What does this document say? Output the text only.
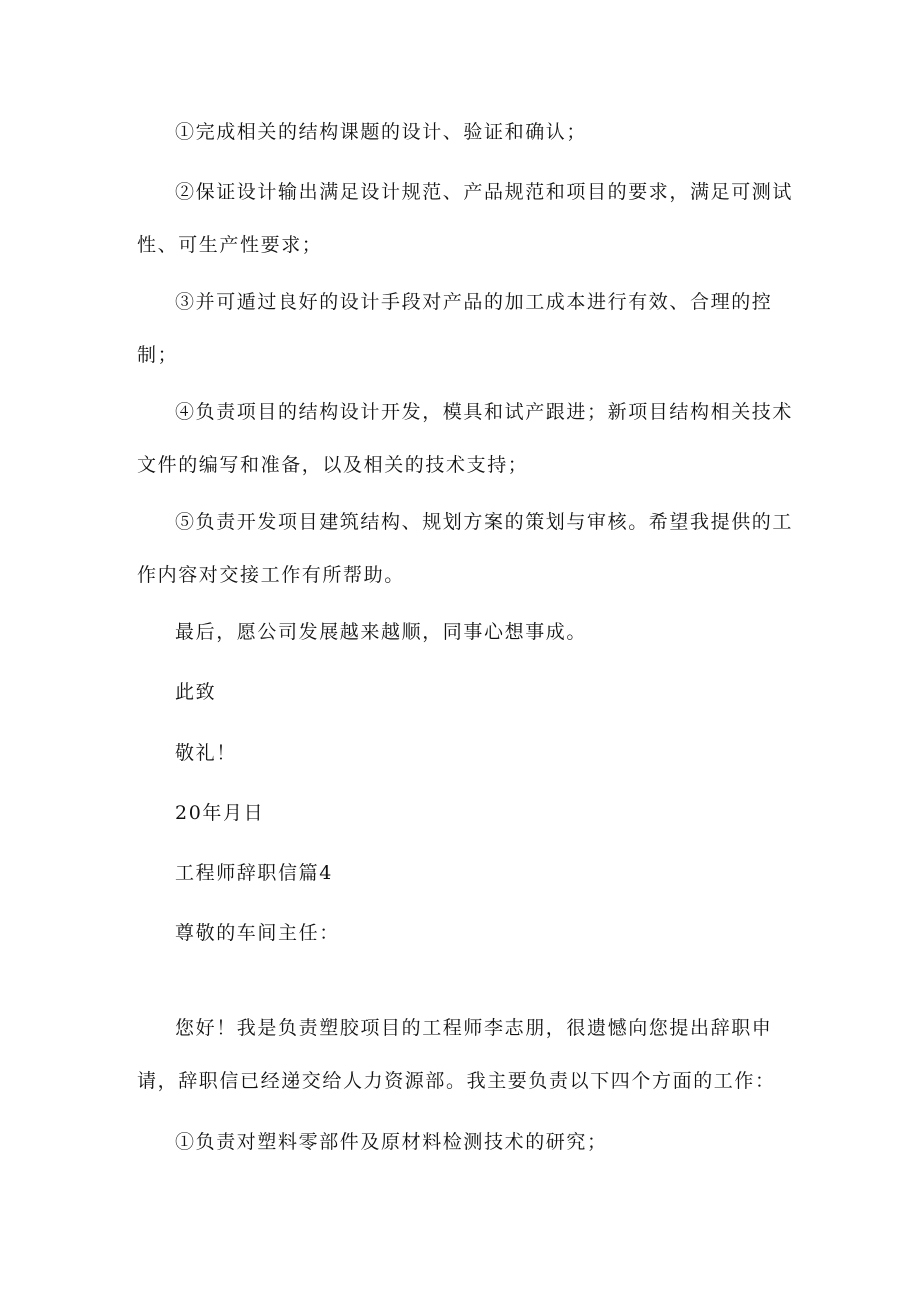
①完成相关的结构课题的设计、验证和确认；

②保证设计输出满足设计规范、产品规范和项目的要求，满足可测试性、可生产性要求；

③并可遁过良好的设计手段对产品的加工成本进行有效、合理的控制；

④负责项目的结构设计开发，模具和试产跟进；新项目结构相关技术文件的编写和准备，以及相关的技术支持；

⑤负责开发项目建筑结构、规划方案的策划与审核。希望我提供的工作内容对交接工作有所帮助。

最后，愿公司发展越来越顺，同事心想事成。

此致

敬礼！

20年月日

工程师辞职信篇4

尊敬的车间主任：

您好！我是负责塑胶项目的工程师李志朋，很遗憾向您提出辞职申请，辞职信已经递交给人力资源部。我主要负责以下四个方面的工作：

①负责对塑料零部件及原材料检测技术的研究；
